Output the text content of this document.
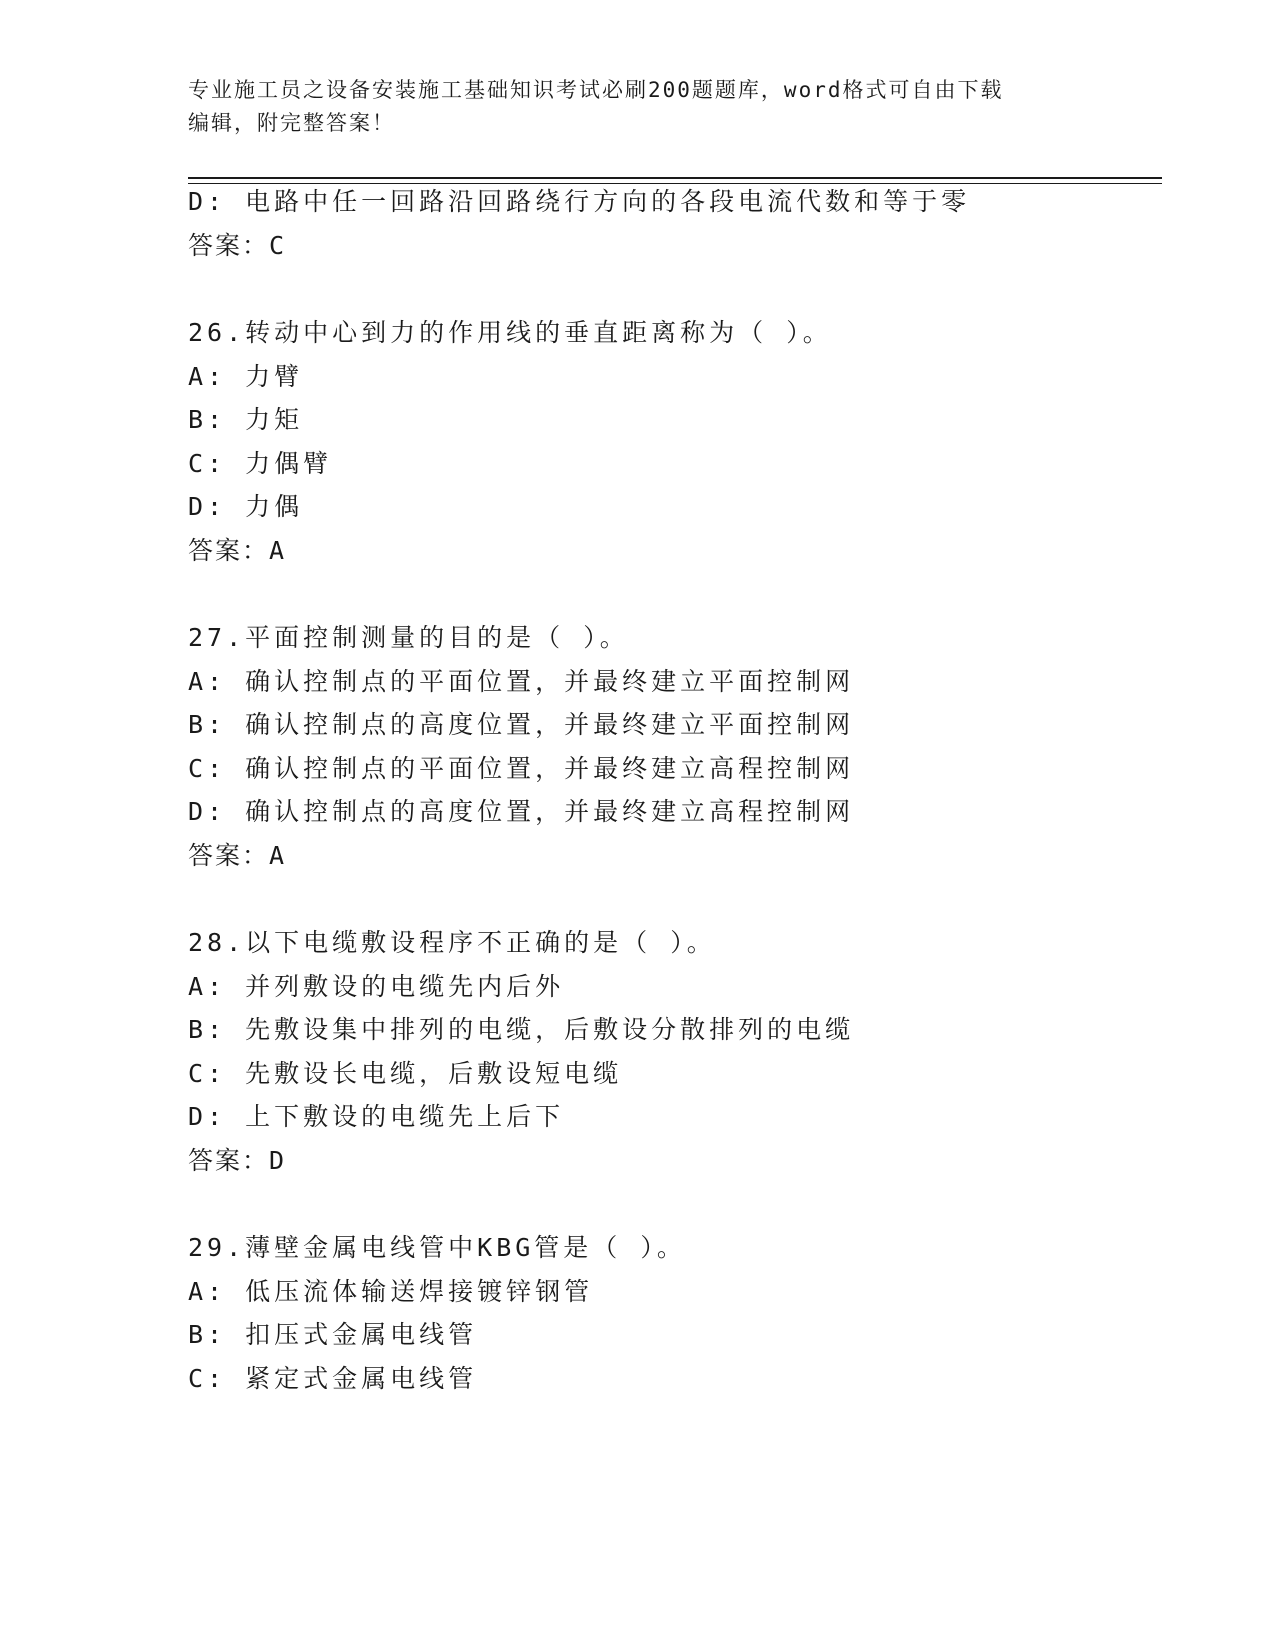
专业施工员之设备安装施工基础知识考试必刷200题题库，word格式可自由下载
编辑，附完整答案！
D: 电路中任一回路沿回路绕行方向的各段电流代数和等于零
答案：C
26.转动中心到力的作用线的垂直距离称为（ ）。
A: 力臂
B: 力矩
C: 力偶臂
D: 力偶
答案：A
27.平面控制测量的目的是（ ）。
A: 确认控制点的平面位置，并最终建立平面控制网
B: 确认控制点的高度位置，并最终建立平面控制网
C: 确认控制点的平面位置，并最终建立高程控制网
D: 确认控制点的高度位置，并最终建立高程控制网
答案：A
28.以下电缆敷设程序不正确的是（ ）。
A: 并列敷设的电缆先内后外
B: 先敷设集中排列的电缆，后敷设分散排列的电缆
C: 先敷设长电缆，后敷设短电缆
D: 上下敷设的电缆先上后下
答案：D
29.薄壁金属电线管中KBG管是（ ）。
A: 低压流体输送焊接镀锌钢管
B: 扣压式金属电线管
C: 紧定式金属电线管
